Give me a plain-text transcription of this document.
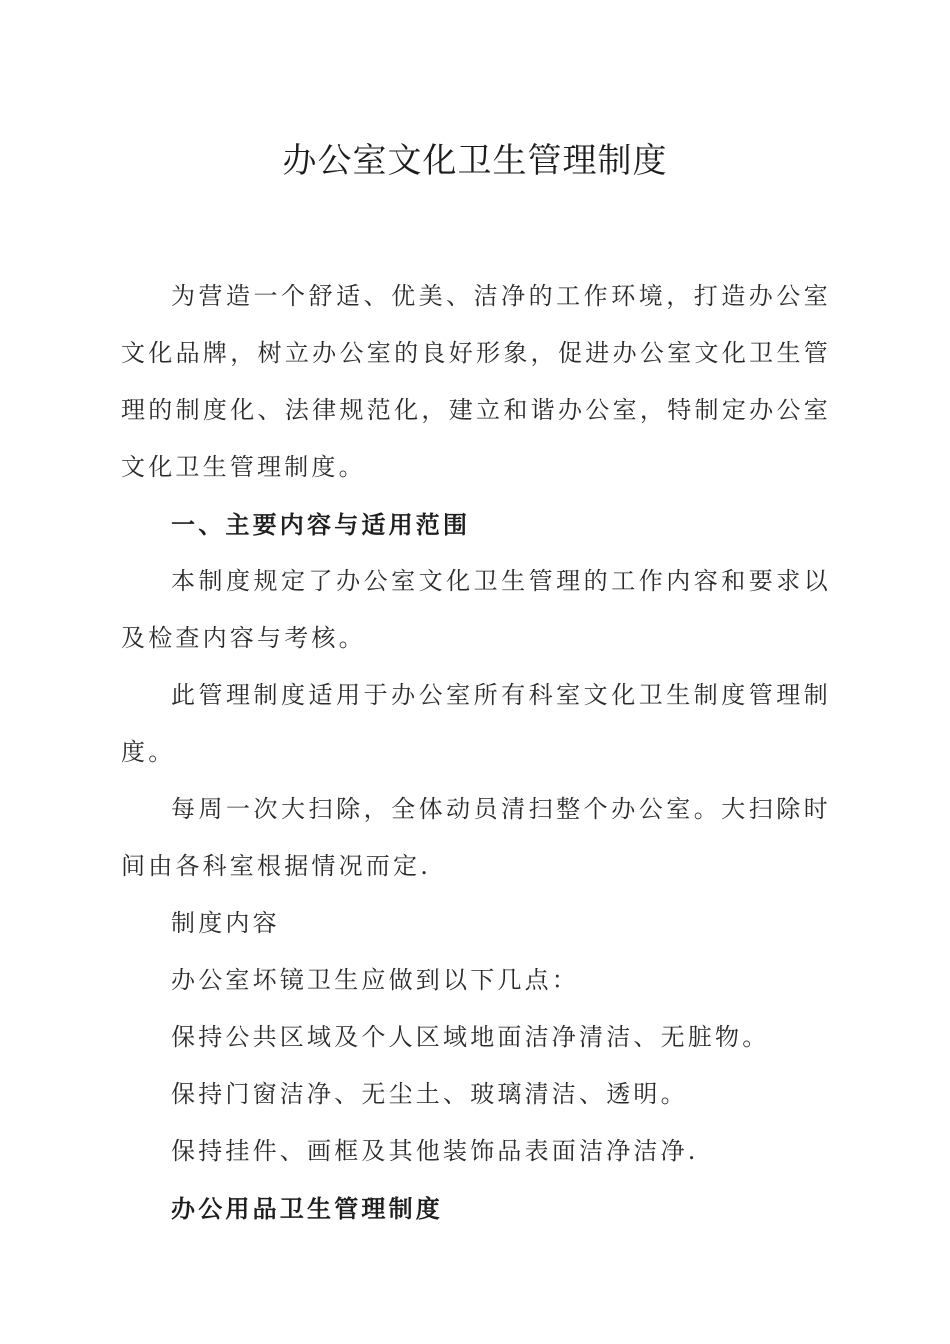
办公室文化卫生管理制度

为营造一个舒适、优美、洁净的工作环境，打造办公室文化品牌，树立办公室的良好形象，促进办公室文化卫生管理的制度化、法律规范化，建立和谐办公室，特制定办公室文化卫生管理制度。

一、主要内容与适用范围

本制度规定了办公室文化卫生管理的工作内容和要求以及检查内容与考核。

此管理制度适用于办公室所有科室文化卫生制度管理制度。

每周一次大扫除，全体动员清扫整个办公室。大扫除时间由各科室根据情况而定.

制度内容

办公室坏镜卫生应做到以下几点：

保持公共区域及个人区域地面洁净清洁、无脏物。

保持门窗洁净、无尘土、玻璃清洁、透明。

保持挂件、画框及其他装饰品表面洁净洁净.

办公用品卫生管理制度
